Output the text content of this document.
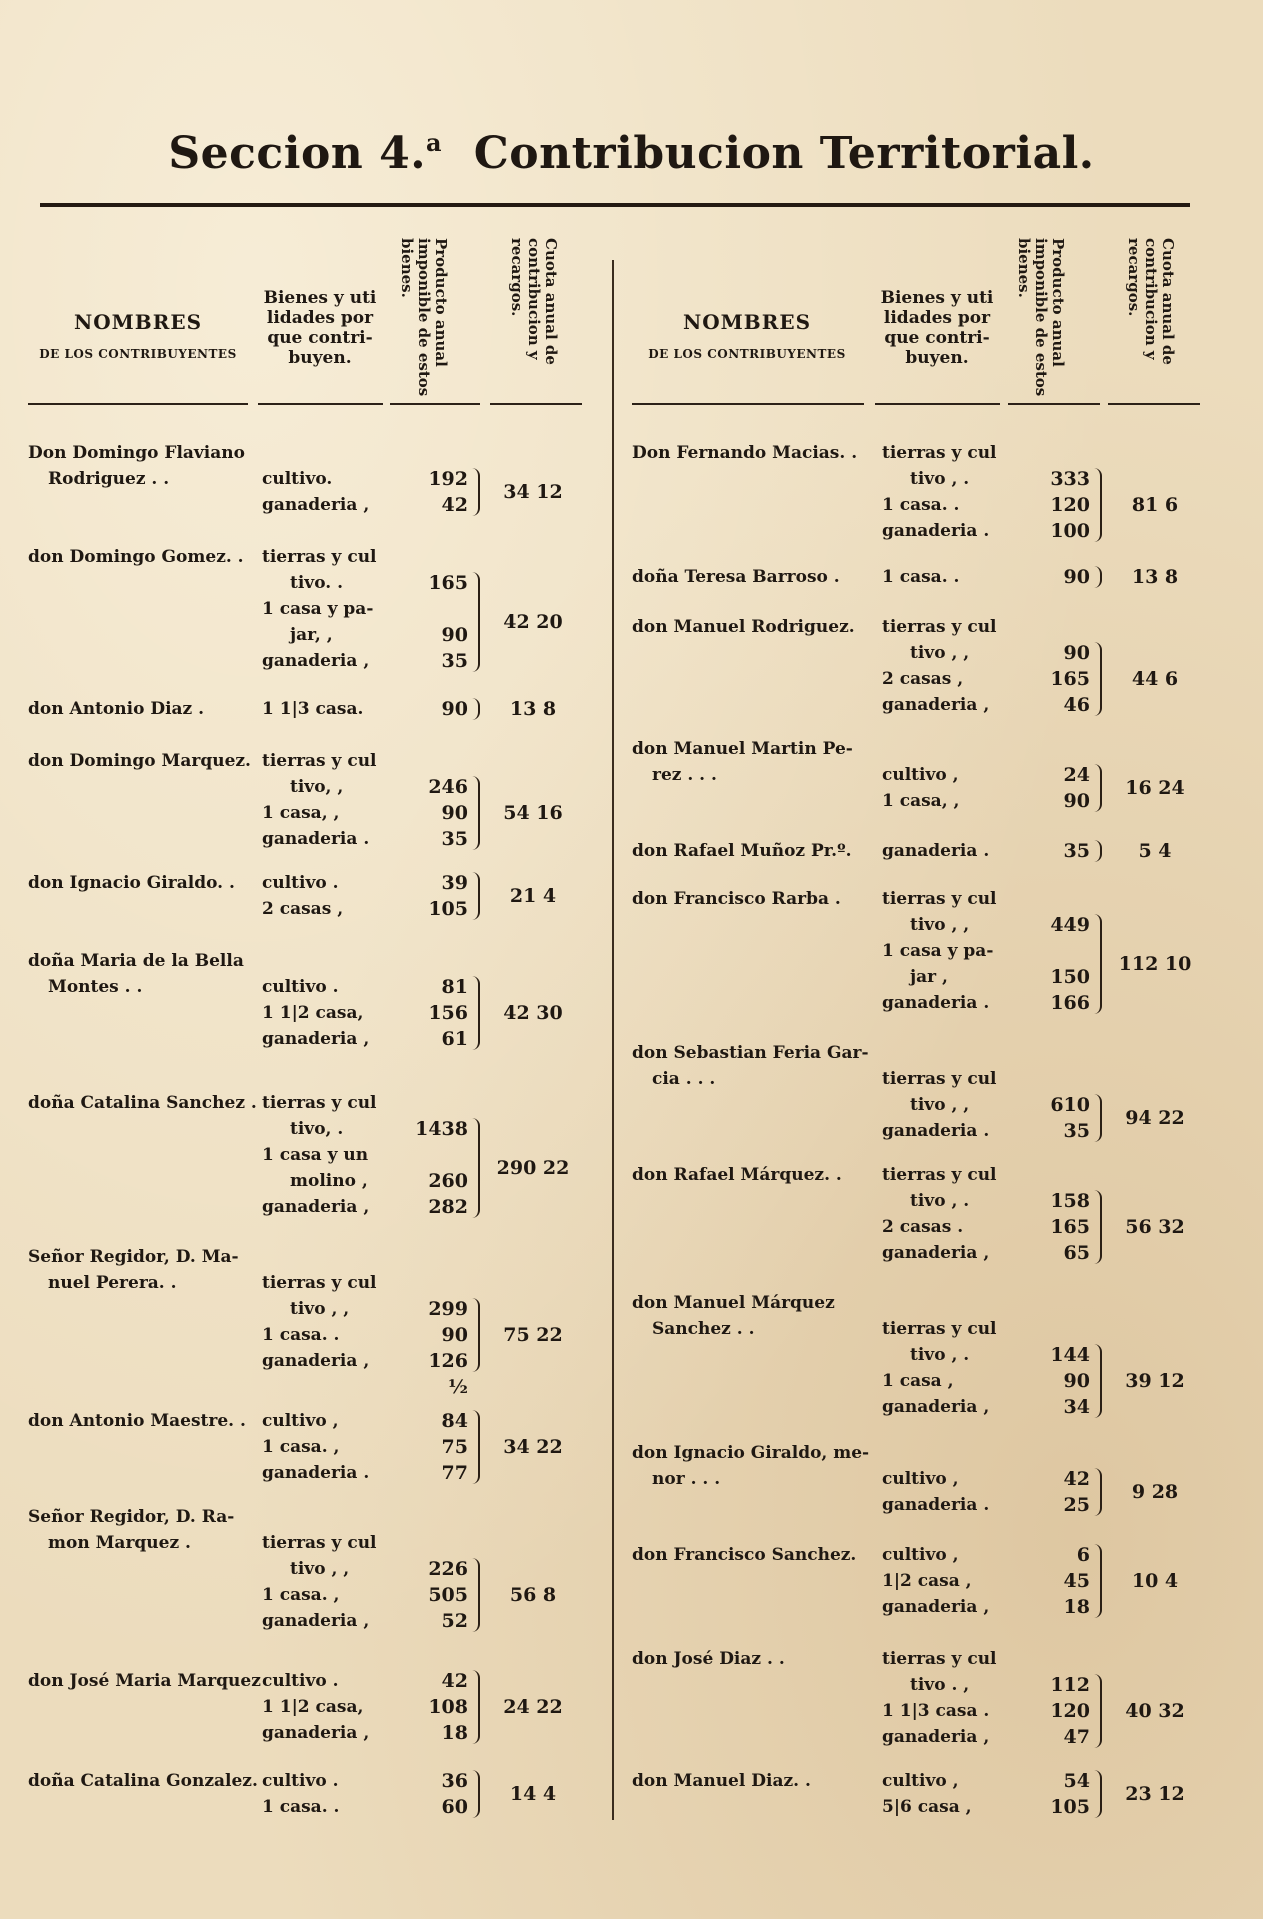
Seccion 4.$^a$ Contribucion Territorial.
NOMBRES
DE LOS CONTRIBUYENTES
Bienes y uti
lidades por
que contri-
buyen.	Producto anual imponible de estos bienes.	Cuota anual de contribucion y recargos.
NOMBRES
DE LOS CONTRIBUYENTES
Bienes y uti
lidades por
que contri-
buyen.	Producto anual imponible de estos bienes.	Cuota anual de contribucion y recargos.
Don Domingo Flaviano
Rodriguez . .	cultivo.	192
ganaderia ,	42
34 12
don Domingo Gomez. . tierras y cul
tivo. .	165
1 casa y pa-
jar, ,	90
ganaderia ,	35
42 20
don Antonio Diaz .	1 1|3 casa.	90	13 8
don Domingo Marquez. tierras y cul
tivo, ,	246
1 casa, ,	90
ganaderia .	35
54 16
don Ignacio Giraldo. . cultivo .	39
2 casas ,	105
21 4
doña Maria de la Bella
Montes . .	cultivo .	81
1 1|2 casa,	156
ganaderia ,	61
42 30
doña Catalina Sanchez . tierras y cul
tivo, .	1438
1 casa y un
molino ,	260
ganaderia ,	282
290 22
Señor Regidor, D. Ma-
nuel Perera. .	tierras y cul
tivo , ,	299
1 casa. .	90
ganaderia ,	126 ½
75 22
don Antonio Maestre. . cultivo ,	84
1 casa. ,	75
ganaderia .	77
34 22
Señor Regidor, D. Ra-
mon Marquez .	tierras y cul
tivo , ,	226
1 casa. ,	505
ganaderia ,	52
56 8
don José Maria Marquez cultivo .	42
1 1|2 casa,	108
ganaderia ,	18
24 22
doña Catalina Gonzalez. cultivo .	36
1 casa. .	60
14 4
Don Fernando Macias. . tierras y cul
tivo , .	333
1 casa. .	120
ganaderia .	100
81 6
doña Teresa Barroso . 1 casa. .	90	13 8
don Manuel Rodriguez. tierras y cul
tivo , ,	90
2 casas ,	165
ganaderia ,	46
44 6
don Manuel Martin Pe-
rez . . .	cultivo ,	24
1 casa, ,	90
16 24
don Rafael Muñoz Pr.º. ganaderia .	35	5 4
don Francisco Rarba . tierras y cul
tivo , ,	449
1 casa y pa-
jar ,	150
ganaderia .	166
112 10
don Sebastian Feria Gar-
cia . . .	tierras y cul
tivo , ,	610
ganaderia .	35
94 22
don Rafael Márquez. . tierras y cul
tivo , .	158
2 casas .	165
ganaderia ,	65
56 32
don Manuel Márquez
Sanchez . .	tierras y cul
tivo , .	144
1 casa ,	90
ganaderia ,	34
39 12
don Ignacio Giraldo, me-
nor . . .	cultivo ,	42
ganaderia .	25
9 28
don Francisco Sanchez. cultivo ,	6
1|2 casa ,	45
ganaderia ,	18
10 4
don José Diaz . .	tierras y cul
tivo . ,	112
1 1|3 casa .	120
ganaderia ,	47
40 32
don Manuel Diaz. .	cultivo ,	54
5|6 casa ,	105
23 12
